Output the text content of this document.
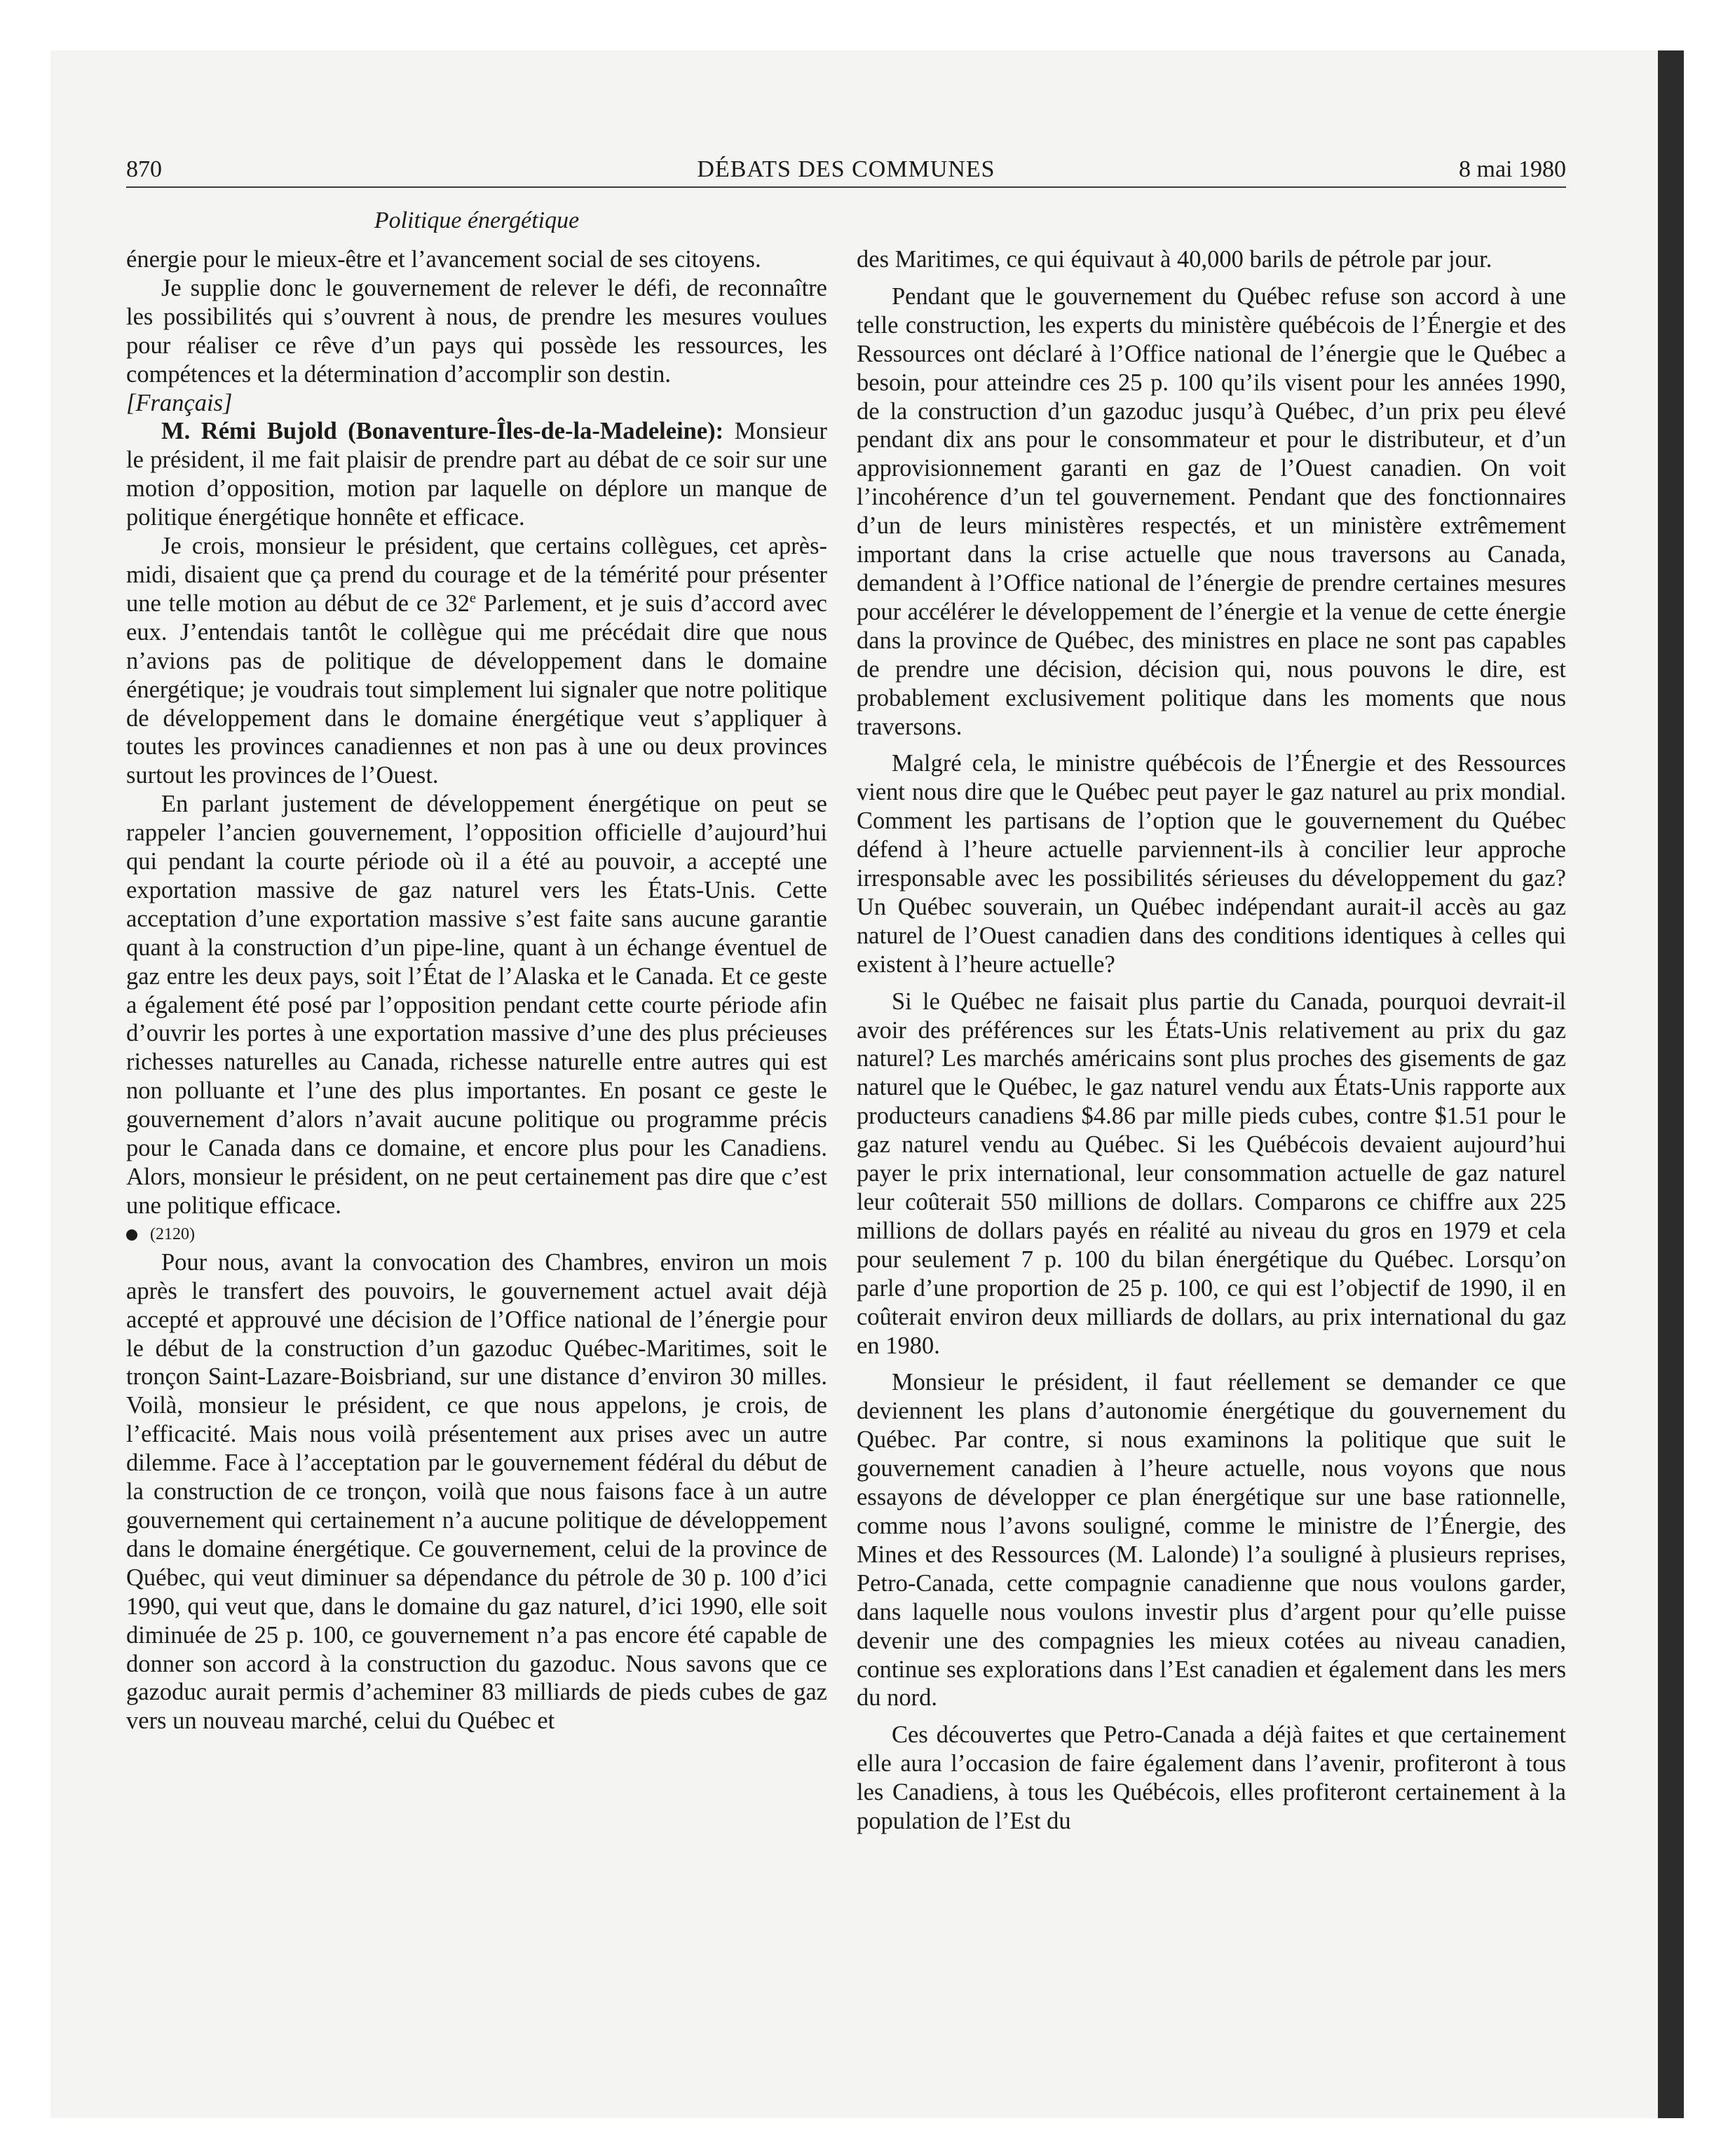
870	DÉBATS DES COMMUNES	8 mai 1980
Politique énergétique

énergie pour le mieux-être et l’avancement social de ses citoyens.

Je supplie donc le gouvernement de relever le défi, de reconnaître les possibilités qui s’ouvrent à nous, de prendre les mesures voulues pour réaliser ce rêve d’un pays qui possède les ressources, les compétences et la détermination d’accomplir son destin.

[Français]

M. Rémi Bujold (Bonaventure-Îles-de-la-Madeleine): Monsieur le président, il me fait plaisir de prendre part au débat de ce soir sur une motion d’opposition, motion par laquelle on déplore un manque de politique énergétique honnête et efficace.

Je crois, monsieur le président, que certains collègues, cet après-midi, disaient que ça prend du courage et de la témérité pour présenter une telle motion au début de ce 32e Parlement, et je suis d’accord avec eux. J’entendais tantôt le collègue qui me précédait dire que nous n’avions pas de politique de développement dans le domaine énergétique; je voudrais tout simplement lui signaler que notre politique de développement dans le domaine énergétique veut s’appliquer à toutes les provinces canadiennes et non pas à une ou deux provinces surtout les provinces de l’Ouest.

En parlant justement de développement énergétique on peut se rappeler l’ancien gouvernement, l’opposition officielle d’aujourd’hui qui pendant la courte période où il a été au pouvoir, a accepté une exportation massive de gaz naturel vers les États-Unis. Cette acceptation d’une exportation massive s’est faite sans aucune garantie quant à la construction d’un pipe-line, quant à un échange éventuel de gaz entre les deux pays, soit l’État de l’Alaska et le Canada. Et ce geste a également été posé par l’opposition pendant cette courte période afin d’ouvrir les portes à une exportation massive d’une des plus précieuses richesses naturelles au Canada, richesse naturelle entre autres qui est non polluante et l’une des plus importantes. En posant ce geste le gouvernement d’alors n’avait aucune politique ou programme précis pour le Canada dans ce domaine, et encore plus pour les Canadiens. Alors, monsieur le président, on ne peut certainement pas dire que c’est une politique efficace.

(2120)

Pour nous, avant la convocation des Chambres, environ un mois après le transfert des pouvoirs, le gouvernement actuel avait déjà accepté et approuvé une décision de l’Office national de l’énergie pour le début de la construction d’un gazoduc Québec-Maritimes, soit le tronçon Saint-Lazare-Boisbriand, sur une distance d’environ 30 milles. Voilà, monsieur le président, ce que nous appelons, je crois, de l’efficacité. Mais nous voilà présentement aux prises avec un autre dilemme. Face à l’acceptation par le gouvernement fédéral du début de la construction de ce tronçon, voilà que nous faisons face à un autre gouvernement qui certainement n’a aucune politique de développement dans le domaine énergétique. Ce gouvernement, celui de la province de Québec, qui veut diminuer sa dépendance du pétrole de 30 p. 100 d’ici 1990, qui veut que, dans le domaine du gaz naturel, d’ici 1990, elle soit diminuée de 25 p. 100, ce gouvernement n’a pas encore été capable de donner son accord à la construction du gazoduc. Nous savons que ce gazoduc aurait permis d’acheminer 83 milliards de pieds cubes de gaz vers un nouveau marché, celui du Québec et

des Maritimes, ce qui équivaut à 40,000 barils de pétrole par jour.

Pendant que le gouvernement du Québec refuse son accord à une telle construction, les experts du ministère québécois de l’Énergie et des Ressources ont déclaré à l’Office national de l’énergie que le Québec a besoin, pour atteindre ces 25 p. 100 qu’ils visent pour les années 1990, de la construction d’un gazoduc jusqu’à Québec, d’un prix peu élevé pendant dix ans pour le consommateur et pour le distributeur, et d’un approvisionnement garanti en gaz de l’Ouest canadien. On voit l’incohérence d’un tel gouvernement. Pendant que des fonctionnaires d’un de leurs ministères respectés, et un ministère extrêmement important dans la crise actuelle que nous traversons au Canada, demandent à l’Office national de l’énergie de prendre certaines mesures pour accélérer le développement de l’énergie et la venue de cette énergie dans la province de Québec, des ministres en place ne sont pas capables de prendre une décision, décision qui, nous pouvons le dire, est probablement exclusivement politique dans les moments que nous traversons.

Malgré cela, le ministre québécois de l’Énergie et des Ressources vient nous dire que le Québec peut payer le gaz naturel au prix mondial. Comment les partisans de l’option que le gouvernement du Québec défend à l’heure actuelle parviennent-ils à concilier leur approche irresponsable avec les possibilités sérieuses du développement du gaz? Un Québec souverain, un Québec indépendant aurait-il accès au gaz naturel de l’Ouest canadien dans des conditions identiques à celles qui existent à l’heure actuelle?

Si le Québec ne faisait plus partie du Canada, pourquoi devrait-il avoir des préférences sur les États-Unis relativement au prix du gaz naturel? Les marchés américains sont plus proches des gisements de gaz naturel que le Québec, le gaz naturel vendu aux États-Unis rapporte aux producteurs canadiens $4.86 par mille pieds cubes, contre $1.51 pour le gaz naturel vendu au Québec. Si les Québécois devaient aujourd’hui payer le prix international, leur consommation actuelle de gaz naturel leur coûterait 550 millions de dollars. Comparons ce chiffre aux 225 millions de dollars payés en réalité au niveau du gros en 1979 et cela pour seulement 7 p. 100 du bilan énergétique du Québec. Lorsqu’on parle d’une proportion de 25 p. 100, ce qui est l’objectif de 1990, il en coûterait environ deux milliards de dollars, au prix international du gaz en 1980.

Monsieur le président, il faut réellement se demander ce que deviennent les plans d’autonomie énergétique du gouvernement du Québec. Par contre, si nous examinons la politique que suit le gouvernement canadien à l’heure actuelle, nous voyons que nous essayons de développer ce plan énergétique sur une base rationnelle, comme nous l’avons souligné, comme le ministre de l’Énergie, des Mines et des Ressources (M. Lalonde) l’a souligné à plusieurs reprises, Petro-Canada, cette compagnie canadienne que nous voulons garder, dans laquelle nous voulons investir plus d’argent pour qu’elle puisse devenir une des compagnies les mieux cotées au niveau canadien, continue ses explorations dans l’Est canadien et également dans les mers du nord.

Ces découvertes que Petro-Canada a déjà faites et que certainement elle aura l’occasion de faire également dans l’avenir, profiteront à tous les Canadiens, à tous les Québécois, elles profiteront certainement à la population de l’Est du
